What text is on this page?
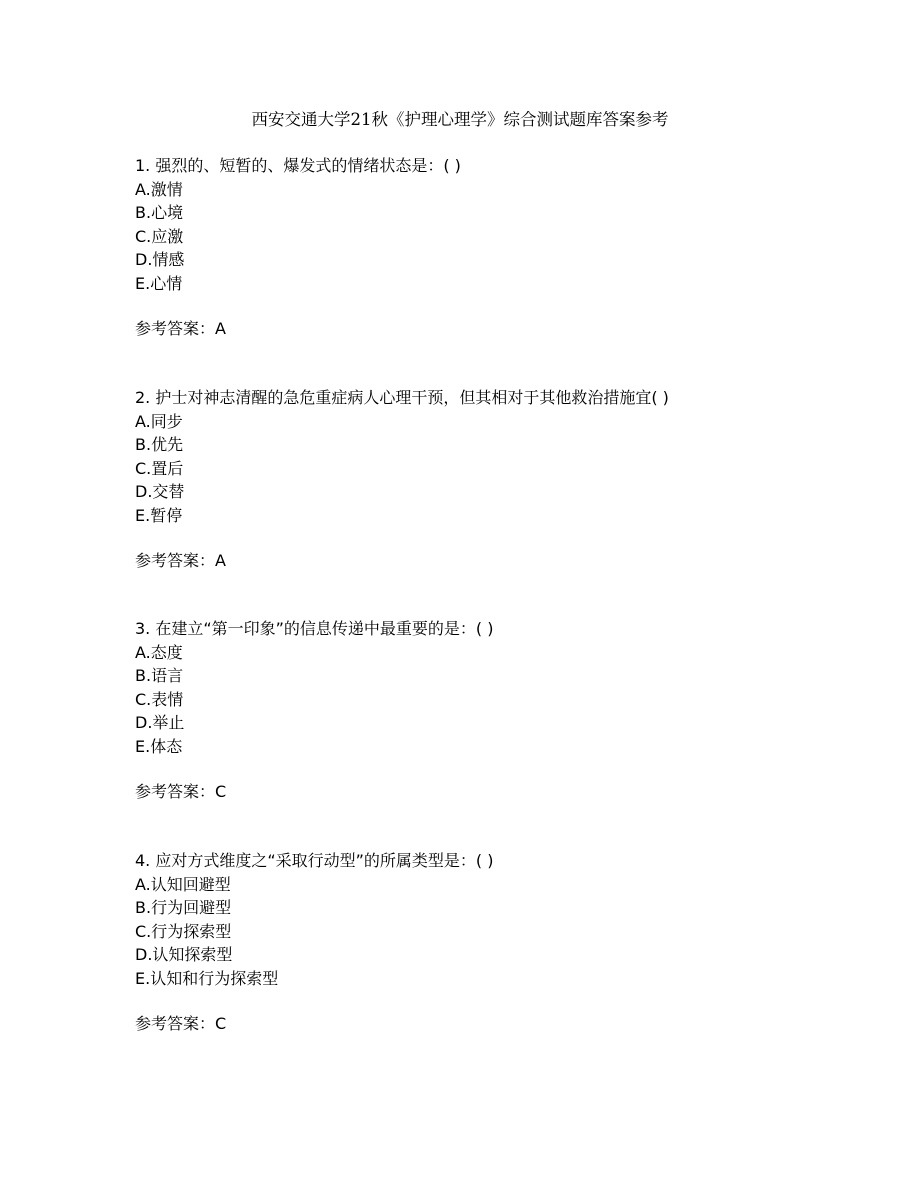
西安交通大学21秋《护理心理学》综合测试题库答案参考
1. 强烈的、短暂的、爆发式的情绪状态是：( )
A.激情
B.心境
C.应激
D.情感
E.心情
参考答案：A
2. 护士对神志清醒的急危重症病人心理干预，但其相对于其他救治措施宜( )
A.同步
B.优先
C.置后
D.交替
E.暂停
参考答案：A
3. 在建立“第一印象”的信息传递中最重要的是：( )
A.态度
B.语言
C.表情
D.举止
E.体态
参考答案：C
4. 应对方式维度之“采取行动型”的所属类型是：( )
A.认知回避型
B.行为回避型
C.行为探索型
D.认知探索型
E.认知和行为探索型
参考答案：C
